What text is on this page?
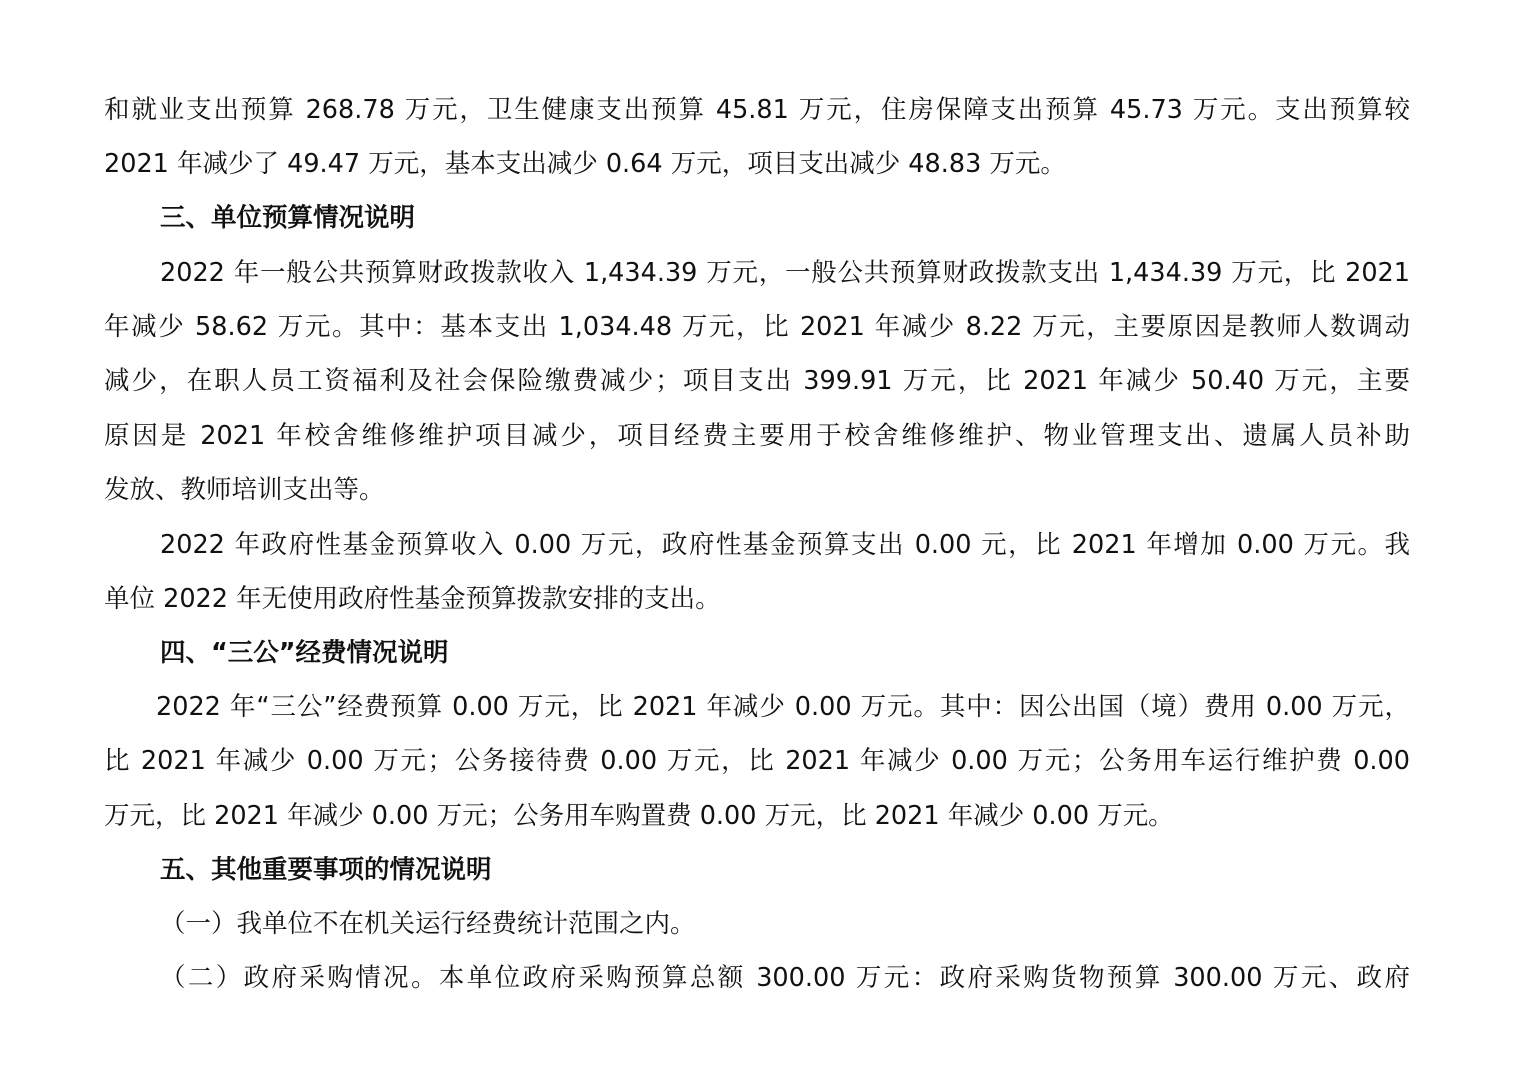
和就业支出预算 268.78 万元，卫生健康支出预算 45.81 万元，住房保障支出预算 45.73 万元。支出预算较
2021 年减少了 49.47 万元，基本支出减少 0.64 万元，项目支出减少 48.83 万元。
三、单位预算情况说明
2022 年一般公共预算财政拨款收入 1,434.39 万元，一般公共预算财政拨款支出 1,434.39 万元，比 2021
年减少 58.62 万元。其中：基本支出 1,034.48 万元，比 2021 年减少 8.22 万元，主要原因是教师人数调动
减少，在职人员工资福利及社会保险缴费减少；项目支出 399.91 万元，比 2021 年减少 50.40 万元，主要
原因是 2021 年校舍维修维护项目减少，项目经费主要用于校舍维修维护、物业管理支出、遗属人员补助
发放、教师培训支出等。
2022 年政府性基金预算收入 0.00 万元，政府性基金预算支出 0.00 元，比 2021 年增加 0.00 万元。我
单位 2022 年无使用政府性基金预算拨款安排的支出。
四、“三公”经费情况说明
2022 年“三公”经费预算 0.00 万元，比 2021 年减少 0.00 万元。其中：因公出国（境）费用 0.00 万元，
比 2021 年减少 0.00 万元；公务接待费 0.00 万元，比 2021 年减少 0.00 万元；公务用车运行维护费 0.00
万元，比 2021 年减少 0.00 万元；公务用车购置费 0.00 万元，比 2021 年减少 0.00 万元。
五、其他重要事项的情况说明
（一）我单位不在机关运行经费统计范围之内。
（二）政府采购情况。本单位政府采购预算总额 300.00 万元：政府采购货物预算 300.00 万元、政府
